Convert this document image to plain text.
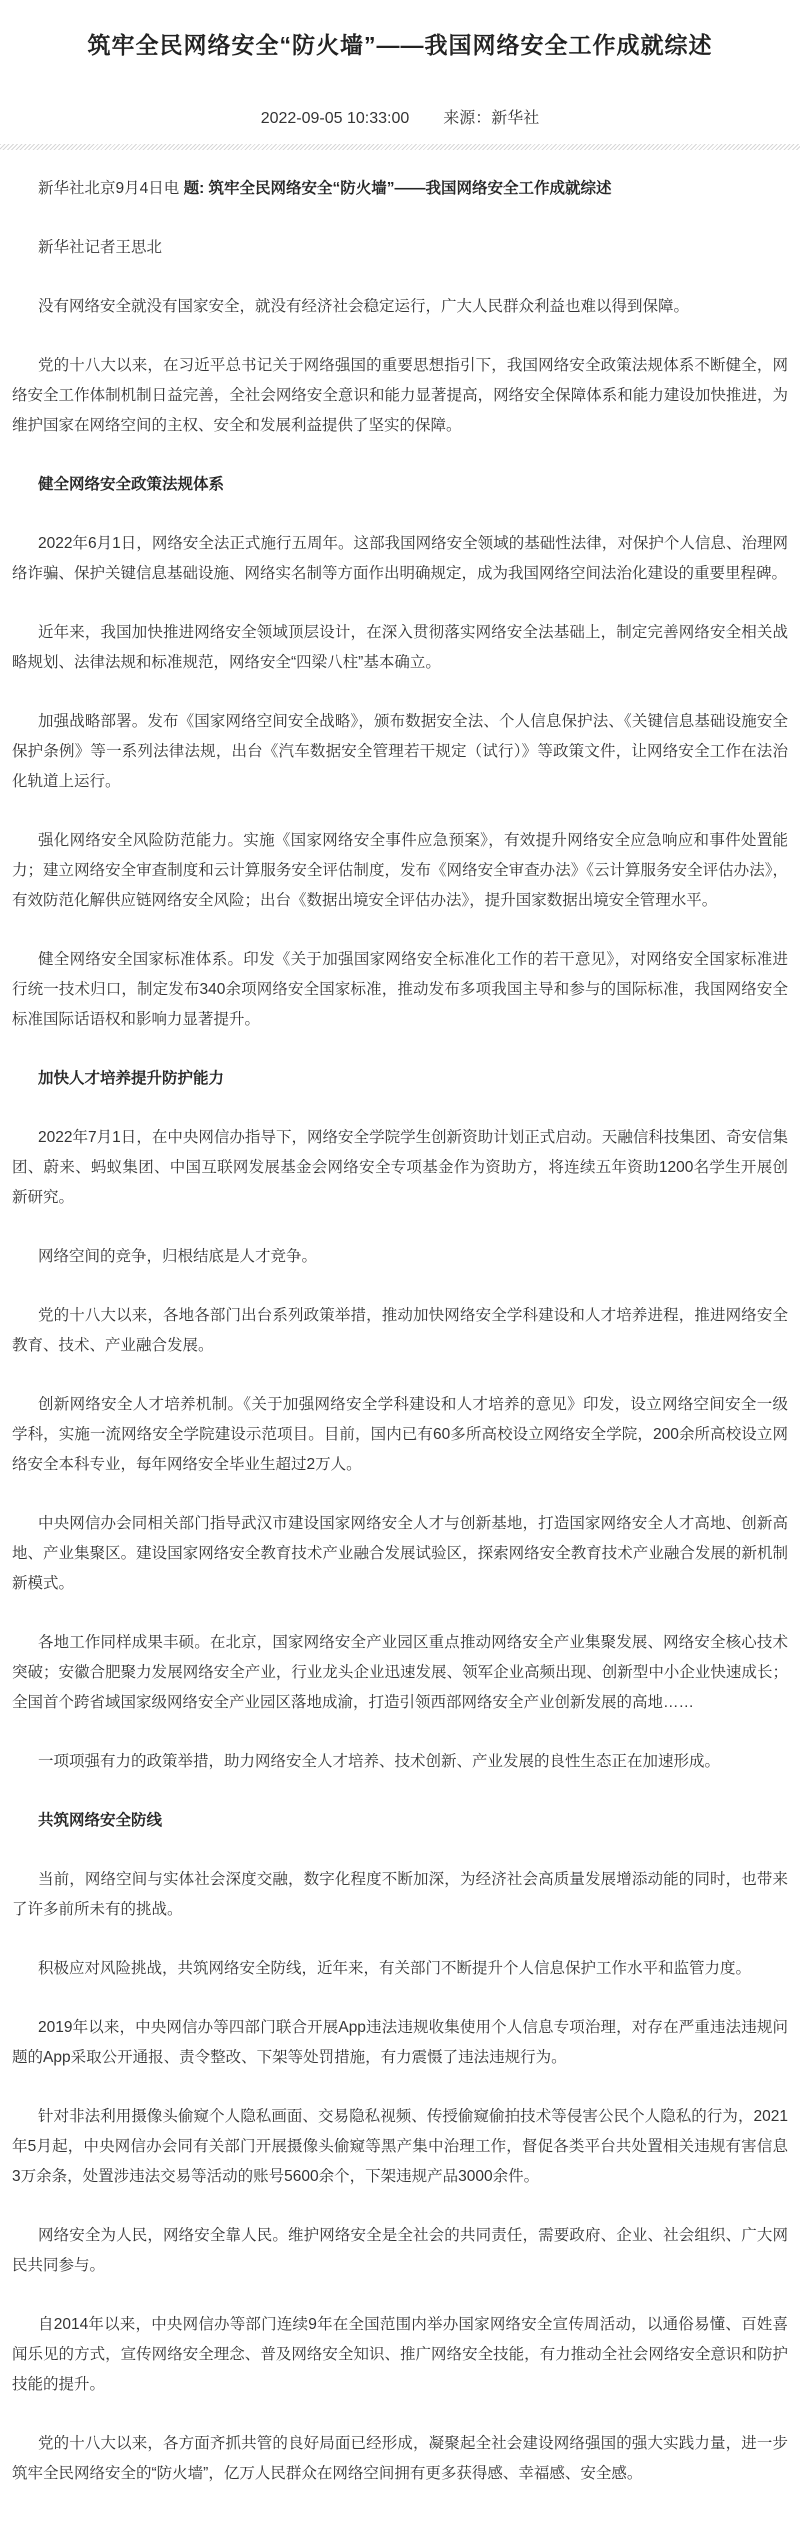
筑牢全民网络安全“防火墙”——我国网络安全工作成就综述
2022-09-05 10:33:00 来源：新华社

新华社北京9月4日电 题: 筑牢全民网络安全“防火墙”——我国网络安全工作成就综述

新华社记者王思北

没有网络安全就没有国家安全，就没有经济社会稳定运行，广大人民群众利益也难以得到保障。

党的十八大以来，在习近平总书记关于网络强国的重要思想指引下，我国网络安全政策法规体系不断健全，网络安全工作体制机制日益完善，全社会网络安全意识和能力显著提高，网络安全保障体系和能力建设加快推进，为维护国家在网络空间的主权、安全和发展利益提供了坚实的保障。

健全网络安全政策法规体系

2022年6月1日，网络安全法正式施行五周年。这部我国网络安全领域的基础性法律，对保护个人信息、治理网络诈骗、保护关键信息基础设施、网络实名制等方面作出明确规定，成为我国网络空间法治化建设的重要里程碑。

近年来，我国加快推进网络安全领域顶层设计，在深入贯彻落实网络安全法基础上，制定完善网络安全相关战略规划、法律法规和标准规范，网络安全“四梁八柱”基本确立。

加强战略部署。发布《国家网络空间安全战略》，颁布数据安全法、个人信息保护法、《关键信息基础设施安全保护条例》等一系列法律法规，出台《汽车数据安全管理若干规定（试行）》等政策文件，让网络安全工作在法治化轨道上运行。

强化网络安全风险防范能力。实施《国家网络安全事件应急预案》，有效提升网络安全应急响应和事件处置能力；建立网络安全审查制度和云计算服务安全评估制度，发布《网络安全审查办法》《云计算服务安全评估办法》，有效防范化解供应链网络安全风险；出台《数据出境安全评估办法》，提升国家数据出境安全管理水平。

健全网络安全国家标准体系。印发《关于加强国家网络安全标准化工作的若干意见》，对网络安全国家标准进行统一技术归口，制定发布340余项网络安全国家标准，推动发布多项我国主导和参与的国际标准，我国网络安全标准国际话语权和影响力显著提升。

加快人才培养提升防护能力

2022年7月1日，在中央网信办指导下，网络安全学院学生创新资助计划正式启动。天融信科技集团、奇安信集团、蔚来、蚂蚁集团、中国互联网发展基金会网络安全专项基金作为资助方，将连续五年资助1200名学生开展创新研究。

网络空间的竞争，归根结底是人才竞争。

党的十八大以来，各地各部门出台系列政策举措，推动加快网络安全学科建设和人才培养进程，推进网络安全教育、技术、产业融合发展。

创新网络安全人才培养机制。《关于加强网络安全学科建设和人才培养的意见》印发，设立网络空间安全一级学科，实施一流网络安全学院建设示范项目。目前，国内已有60多所高校设立网络安全学院，200余所高校设立网络安全本科专业，每年网络安全毕业生超过2万人。

中央网信办会同相关部门指导武汉市建设国家网络安全人才与创新基地，打造国家网络安全人才高地、创新高地、产业集聚区。建设国家网络安全教育技术产业融合发展试验区，探索网络安全教育技术产业融合发展的新机制新模式。

各地工作同样成果丰硕。在北京，国家网络安全产业园区重点推动网络安全产业集聚发展、网络安全核心技术突破；安徽合肥聚力发展网络安全产业，行业龙头企业迅速发展、领军企业高频出现、创新型中小企业快速成长；全国首个跨省域国家级网络安全产业园区落地成渝，打造引领西部网络安全产业创新发展的高地……

一项项强有力的政策举措，助力网络安全人才培养、技术创新、产业发展的良性生态正在加速形成。

共筑网络安全防线

当前，网络空间与实体社会深度交融，数字化程度不断加深，为经济社会高质量发展增添动能的同时，也带来了许多前所未有的挑战。

积极应对风险挑战，共筑网络安全防线，近年来，有关部门不断提升个人信息保护工作水平和监管力度。

2019年以来，中央网信办等四部门联合开展App违法违规收集使用个人信息专项治理，对存在严重违法违规问题的App采取公开通报、责令整改、下架等处罚措施，有力震慑了违法违规行为。

针对非法利用摄像头偷窥个人隐私画面、交易隐私视频、传授偷窥偷拍技术等侵害公民个人隐私的行为，2021年5月起，中央网信办会同有关部门开展摄像头偷窥等黑产集中治理工作，督促各类平台共处置相关违规有害信息3万余条，处置涉违法交易等活动的账号5600余个，下架违规产品3000余件。

网络安全为人民，网络安全靠人民。维护网络安全是全社会的共同责任，需要政府、企业、社会组织、广大网民共同参与。

自2014年以来，中央网信办等部门连续9年在全国范围内举办国家网络安全宣传周活动，以通俗易懂、百姓喜闻乐见的方式，宣传网络安全理念、普及网络安全知识、推广网络安全技能，有力推动全社会网络安全意识和防护技能的提升。

党的十八大以来，各方面齐抓共管的良好局面已经形成，凝聚起全社会建设网络强国的强大实践力量，进一步筑牢全民网络安全的“防火墙”，亿万人民群众在网络空间拥有更多获得感、幸福感、安全感。
